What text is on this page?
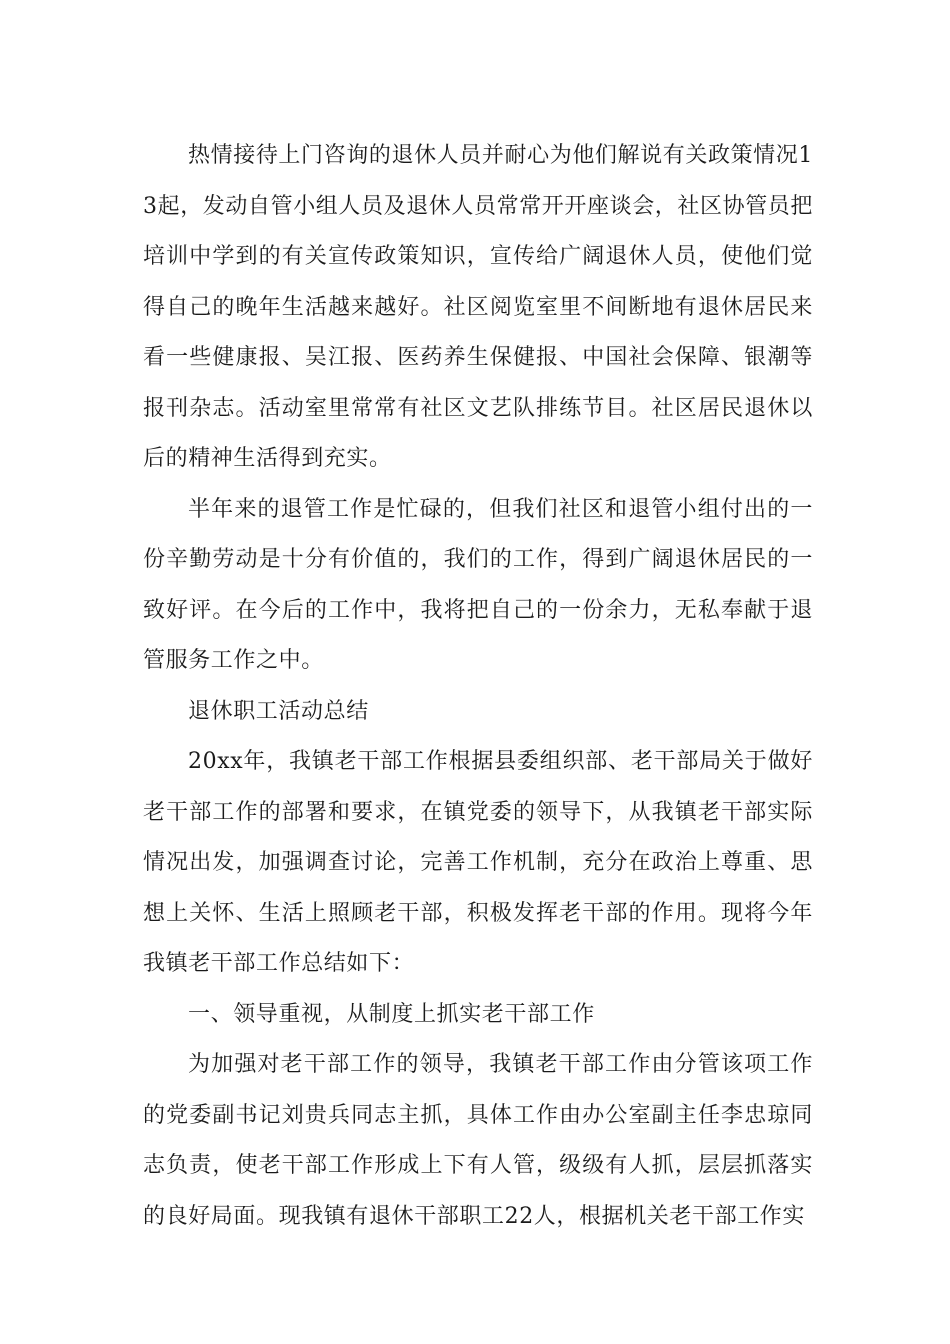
热情接待上门咨询的退休人员并耐心为他们解说有关政策情况13起，发动自管小组人员及退休人员常常开开座谈会，社区协管员把培训中学到的有关宣传政策知识，宣传给广阔退休人员，使他们觉得自己的晚年生活越来越好。社区阅览室里不间断地有退休居民来看一些健康报、吴江报、医药养生保健报、中国社会保障、银潮等报刊杂志。活动室里常常有社区文艺队排练节目。社区居民退休以后的精神生活得到充实。

半年来的退管工作是忙碌的，但我们社区和退管小组付出的一份辛勤劳动是十分有价值的，我们的工作，得到广阔退休居民的一致好评。在今后的工作中，我将把自己的一份余力，无私奉献于退管服务工作之中。

退休职工活动总结

20xx年，我镇老干部工作根据县委组织部、老干部局关于做好老干部工作的部署和要求，在镇党委的领导下，从我镇老干部实际情况出发，加强调查讨论，完善工作机制，充分在政治上尊重、思想上关怀、生活上照顾老干部，积极发挥老干部的作用。现将今年我镇老干部工作总结如下：

一、领导重视，从制度上抓实老干部工作

为加强对老干部工作的领导，我镇老干部工作由分管该项工作的党委副书记刘贵兵同志主抓，具体工作由办公室副主任李忠琼同志负责，使老干部工作形成上下有人管，级级有人抓，层层抓落实的良好局面。现我镇有退休干部职工22人，根据机关老干部工作实
